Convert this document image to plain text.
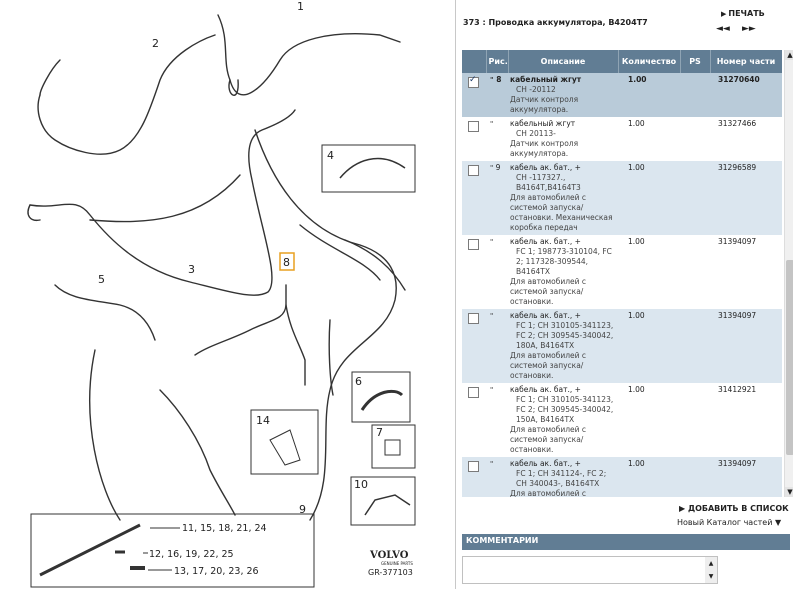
1
2
3
4
5
6
7
8
9
10
14
11, 15, 18, 21, 24
12, 16, 19, 22, 25
13, 17, 20, 23, 26
VOLVO
GENUINE PARTS
GR-377103
▶ ПЕЧАТЬ
◄◄ ►►
373 : Проводка аккумулятора, B4204T7
	Рис.	Описание	Количество	PS	Номер части
✓	" 8	кабельный жгут
CH -20112
Датчик контроля аккумулятора.	1.00		31270640
	"	кабельный жгут
CH 20113-
Датчик контроля аккумулятора.	1.00		31327466
	" 9	кабель ак. бат., +
CH -117327., B4164T,B4164T3
Для автомобилей с системой запуска/остановки. Механическая коробка передач	1.00		31296589
	"	кабель ак. бат., +
FC 1; 198773-310104, FC 2; 117328-309544, B4164TX
Для автомобилей с системой запуска/остановки.	1.00		31394097
	"	кабель ак. бат., +
FC 1; CH 310105-341123, FC 2; CH 309545-340042, 180A, B4164TX
Для автомобилей с системой запуска/остановки.	1.00		31394097
	"	кабель ак. бат., +
FC 1; CH 310105-341123, FC 2; CH 309545-340042, 150A, B4164TX
Для автомобилей с системой запуска/остановки.	1.00		31412921
	"	кабель ак. бат., +
FC 1; CH 341124-, FC 2; CH 340043-, B4164TX
Для автомобилей с	1.00		31394097

▲
▼
▶ ДОБАВИТЬ В СПИСОК
Новый Каталог частей ▼
КОММЕНТАРИИ
▲
▼
